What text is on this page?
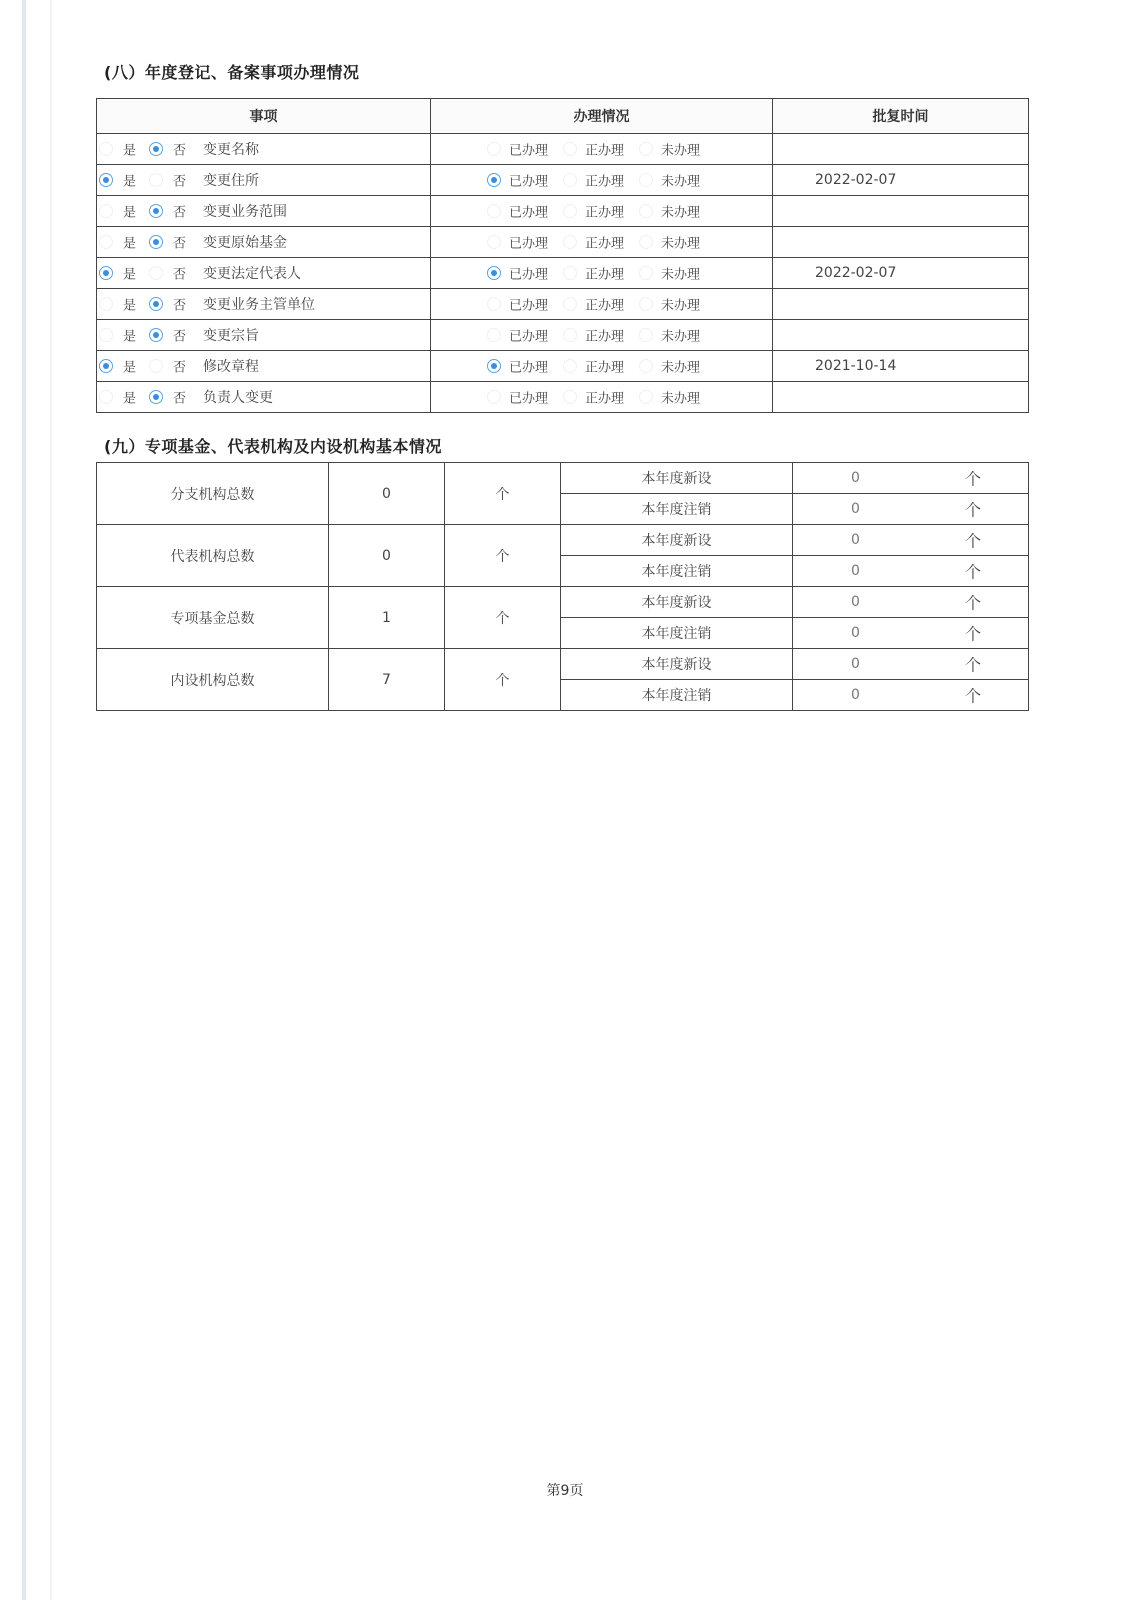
(八）年度登记、备案事项办理情况
事项	办理情况	批复时间

是 否 变更名称	已办理 正办理 未办理	

是 否 变更住所	已办理 正办理 未办理	2022-02-07

是 否 变更业务范围	已办理 正办理 未办理	

是 否 变更原始基金	已办理 正办理 未办理	

是 否 变更法定代表人	已办理 正办理 未办理	2022-02-07

是 否 变更业务主管单位	已办理 正办理 未办理	

是 否 变更宗旨	已办理 正办理 未办理	

是 否 修改章程	已办理 正办理 未办理	2021-10-14

是 否 负责人变更	已办理 正办理 未办理	

(九）专项基金、代表机构及内设机构基本情况
分支机构总数	0	个	本年度新设	0 个

			本年度注销	0 个

代表机构总数	0	个	本年度新设	0 个

			本年度注销	0 个

专项基金总数	1	个	本年度新设	0 个

			本年度注销	0 个

内设机构总数	7	个	本年度新设	0 个

			本年度注销	0 个
第9页
